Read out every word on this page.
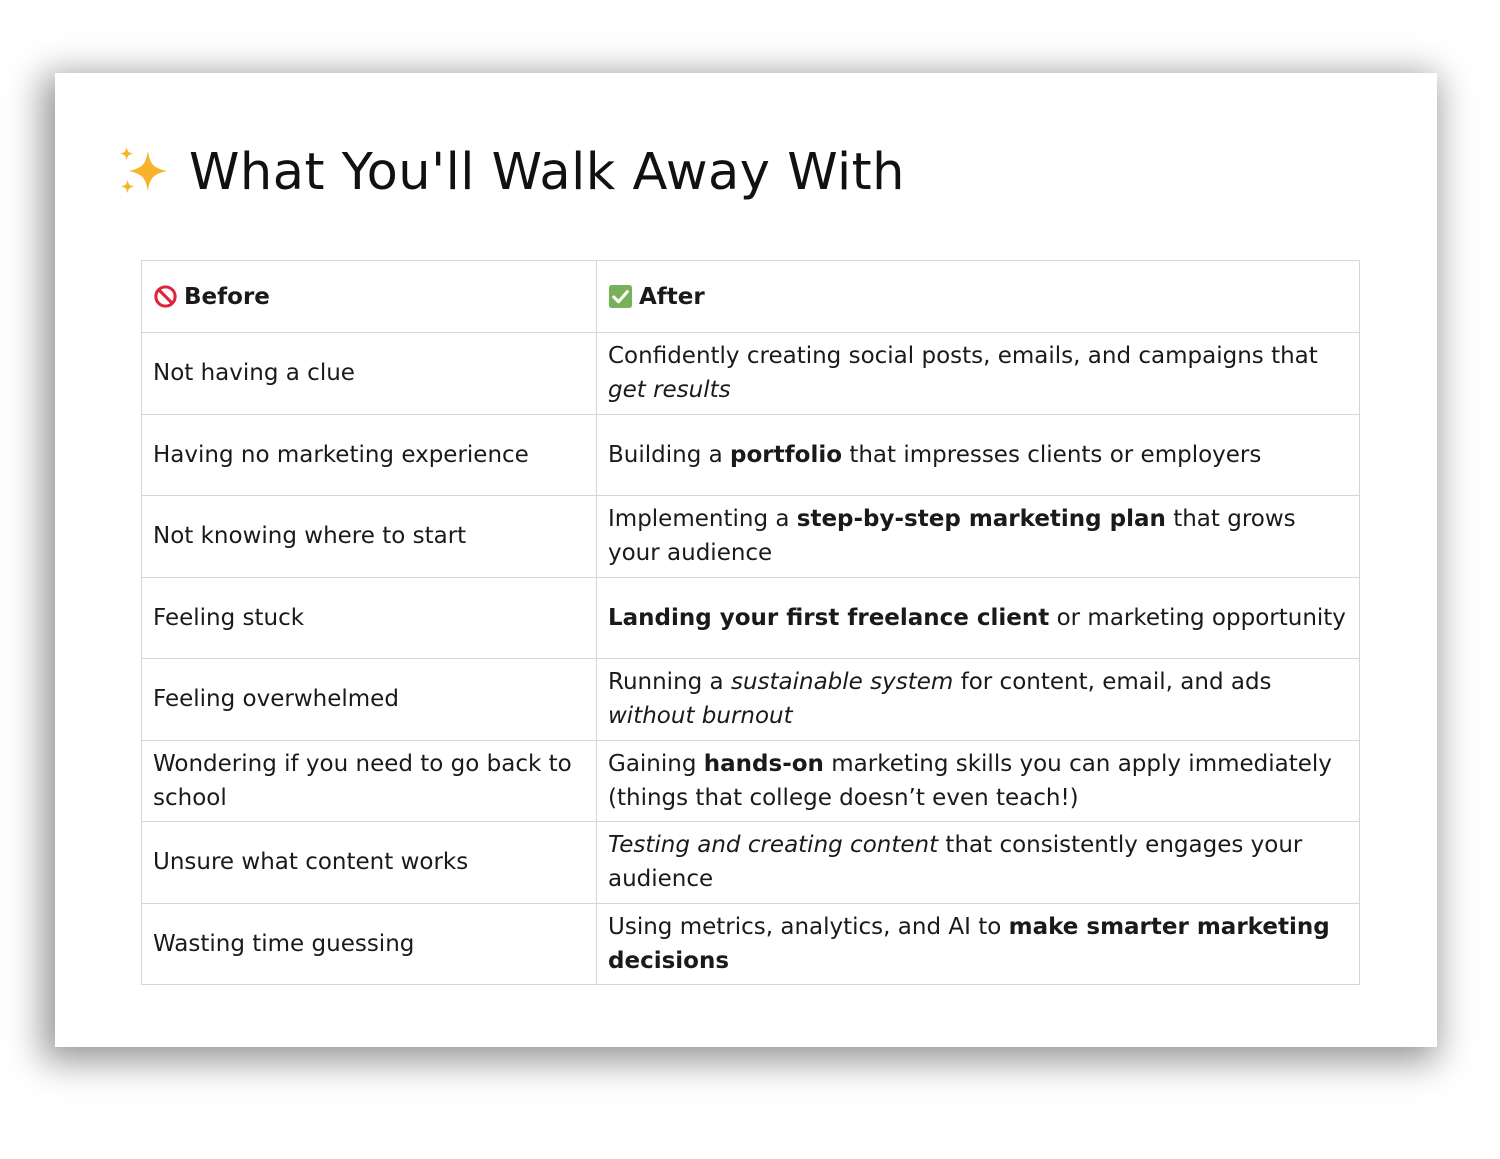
What You'll Walk Away With
Before	After

Not having a clue	Confidently creating social posts, emails, and campaigns that get results
Having no marketing experience	Building a portfolio that impresses clients or employers
Not knowing where to start	Implementing a step-by-step marketing plan that grows your audience
Feeling stuck	Landing your first freelance client or marketing opportunity
Feeling overwhelmed	Running a sustainable system for content, email, and ads without burnout
Wondering if you need to go back to school	Gaining hands-on marketing skills you can apply immediately (things that college doesn’t even teach!)
Unsure what content works	Testing and creating content that consistently engages your audience
Wasting time guessing	Using metrics, analytics, and AI to make smarter marketing decisions
